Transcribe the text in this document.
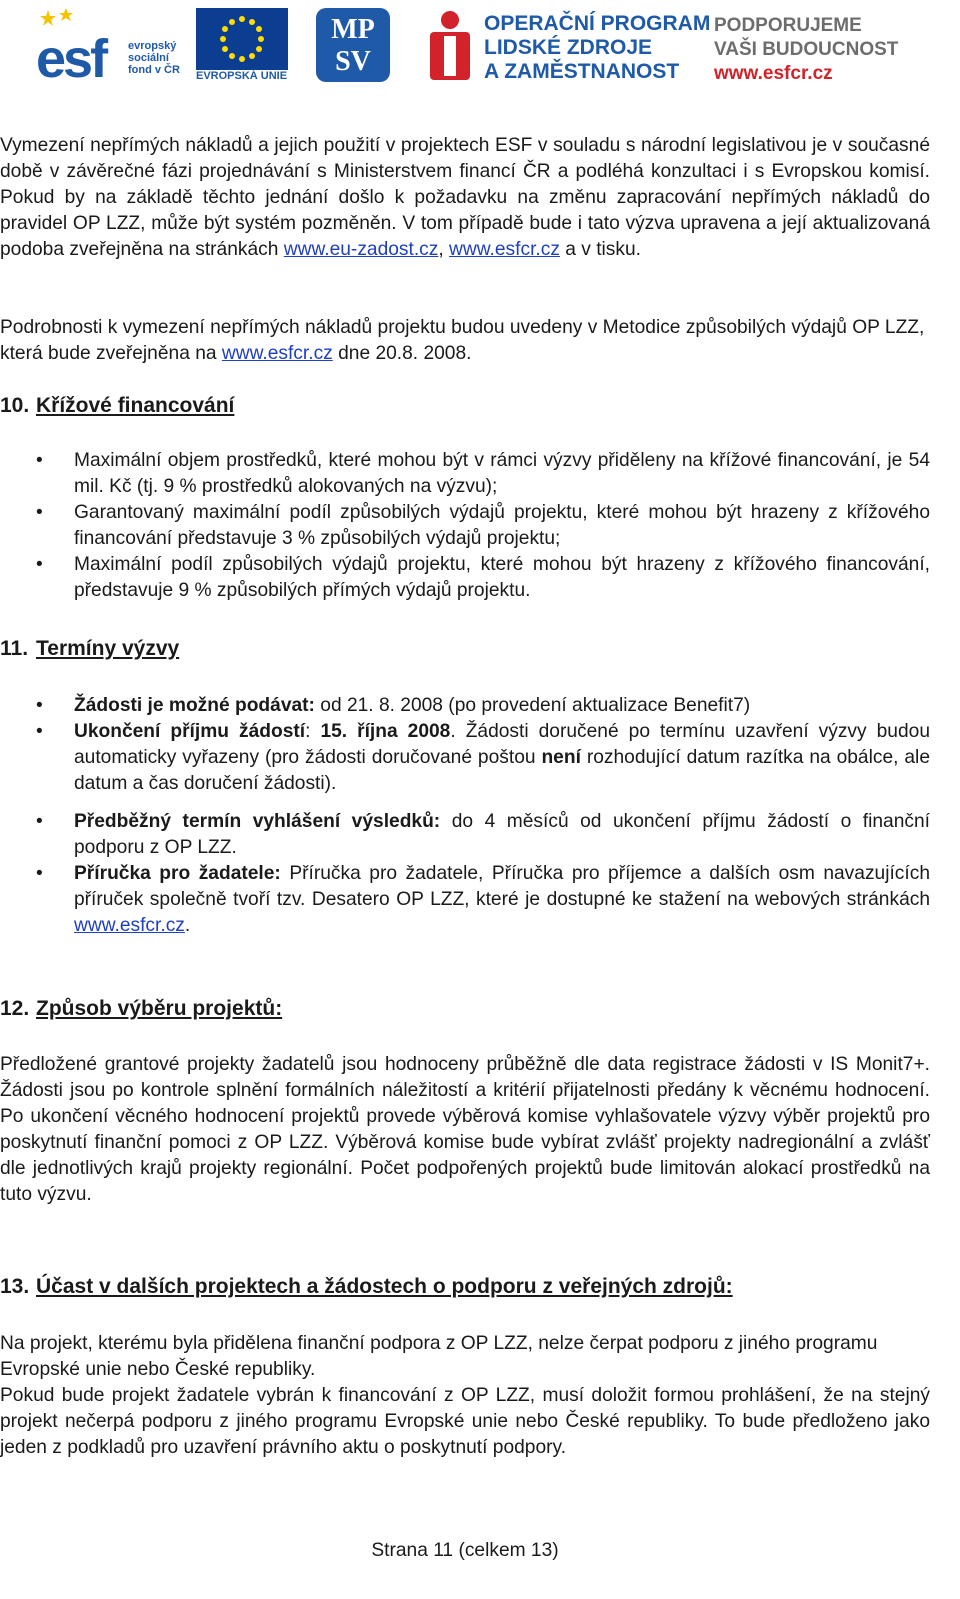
esf evropský
sociální
fond v ČR EVROPSKÁ UNIE
MP
SV
OPERAČNÍ PROGRAM
LIDSKÉ ZDROJE
A ZAMĚSTNANOST
PODPORUJEME
VAŠI BUDOUCNOST
www.esfcr.cz

Vymezení nepřímých nákladů a jejich použití v projektech ESF v souladu s národní legislativou je v současné době v závěrečné fázi projednávání s Ministerstvem financí ČR a podléhá konzultaci i s Evropskou komisí. Pokud by na základě těchto jednání došlo k požadavku na změnu zapracování nepřímých nákladů do pravidel OP LZZ, může být systém pozměněn. V tom případě bude i tato výzva upravena a její aktualizovaná podoba zveřejněna na stránkách www.eu-zadost.cz, www.esfcr.cz a v tisku.

Podrobnosti k vymezení nepřímých nákladů projektu budou uvedeny v Metodice způsobilých výdajů OP LZZ, která bude zveřejněna na www.esfcr.cz dne 20.8. 2008.

10. Křížové financování
• Maximální objem prostředků, které mohou být v rámci výzvy přiděleny na křížové financování, je 54 mil. Kč (tj. 9 % prostředků alokovaných na výzvu);
• Garantovaný maximální podíl způsobilých výdajů projektu, které mohou být hrazeny z křížového financování představuje 3 % způsobilých výdajů projektu;
• Maximální podíl způsobilých výdajů projektu, které mohou být hrazeny z křížového financování, představuje 9 % způsobilých přímých výdajů projektu.
11. Termíny výzvy
• Žádosti je možné podávat: od 21. 8. 2008 (po provedení aktualizace Benefit7)
• Ukončení příjmu žádostí: 15. října 2008. Žádosti doručené po termínu uzavření výzvy budou automaticky vyřazeny (pro žádosti doručované poštou není rozhodující datum razítka na obálce, ale datum a čas doručení žádosti).
• Předběžný termín vyhlášení výsledků: do 4 měsíců od ukončení příjmu žádostí o finanční podporu z OP LZZ.
• Příručka pro žadatele: Příručka pro žadatele, Příručka pro příjemce a dalších osm navazujících příruček společně tvoří tzv. Desatero OP LZZ, které je dostupné ke stažení na webových stránkách www.esfcr.cz.
12. Způsob výběru projektů:

Předložené grantové projekty žadatelů jsou hodnoceny průběžně dle data registrace žádosti v IS Monit7+. Žádosti jsou po kontrole splnění formálních náležitostí a kritérií přijatelnosti předány k věcnému hodnocení. Po ukončení věcného hodnocení projektů provede výběrová komise vyhlašovatele výzvy výběr projektů pro poskytnutí finanční pomoci z OP LZZ. Výběrová komise bude vybírat zvlášť projekty nadregionální a zvlášť dle jednotlivých krajů projekty regionální. Počet podpořených projektů bude limitován alokací prostředků na tuto výzvu.

13. Účast v dalších projektech a žádostech o podporu z veřejných zdrojů:

Na projekt, kterému byla přidělena finanční podpora z OP LZZ, nelze čerpat podporu z jiného programu Evropské unie nebo České republiky.

Pokud bude projekt žadatele vybrán k financování z OP LZZ, musí doložit formou prohlášení, že na stejný projekt nečerpá podporu z jiného programu Evropské unie nebo České republiky. To bude předloženo jako jeden z podkladů pro uzavření právního aktu o poskytnutí podpory.

Strana 11 (celkem 13)
